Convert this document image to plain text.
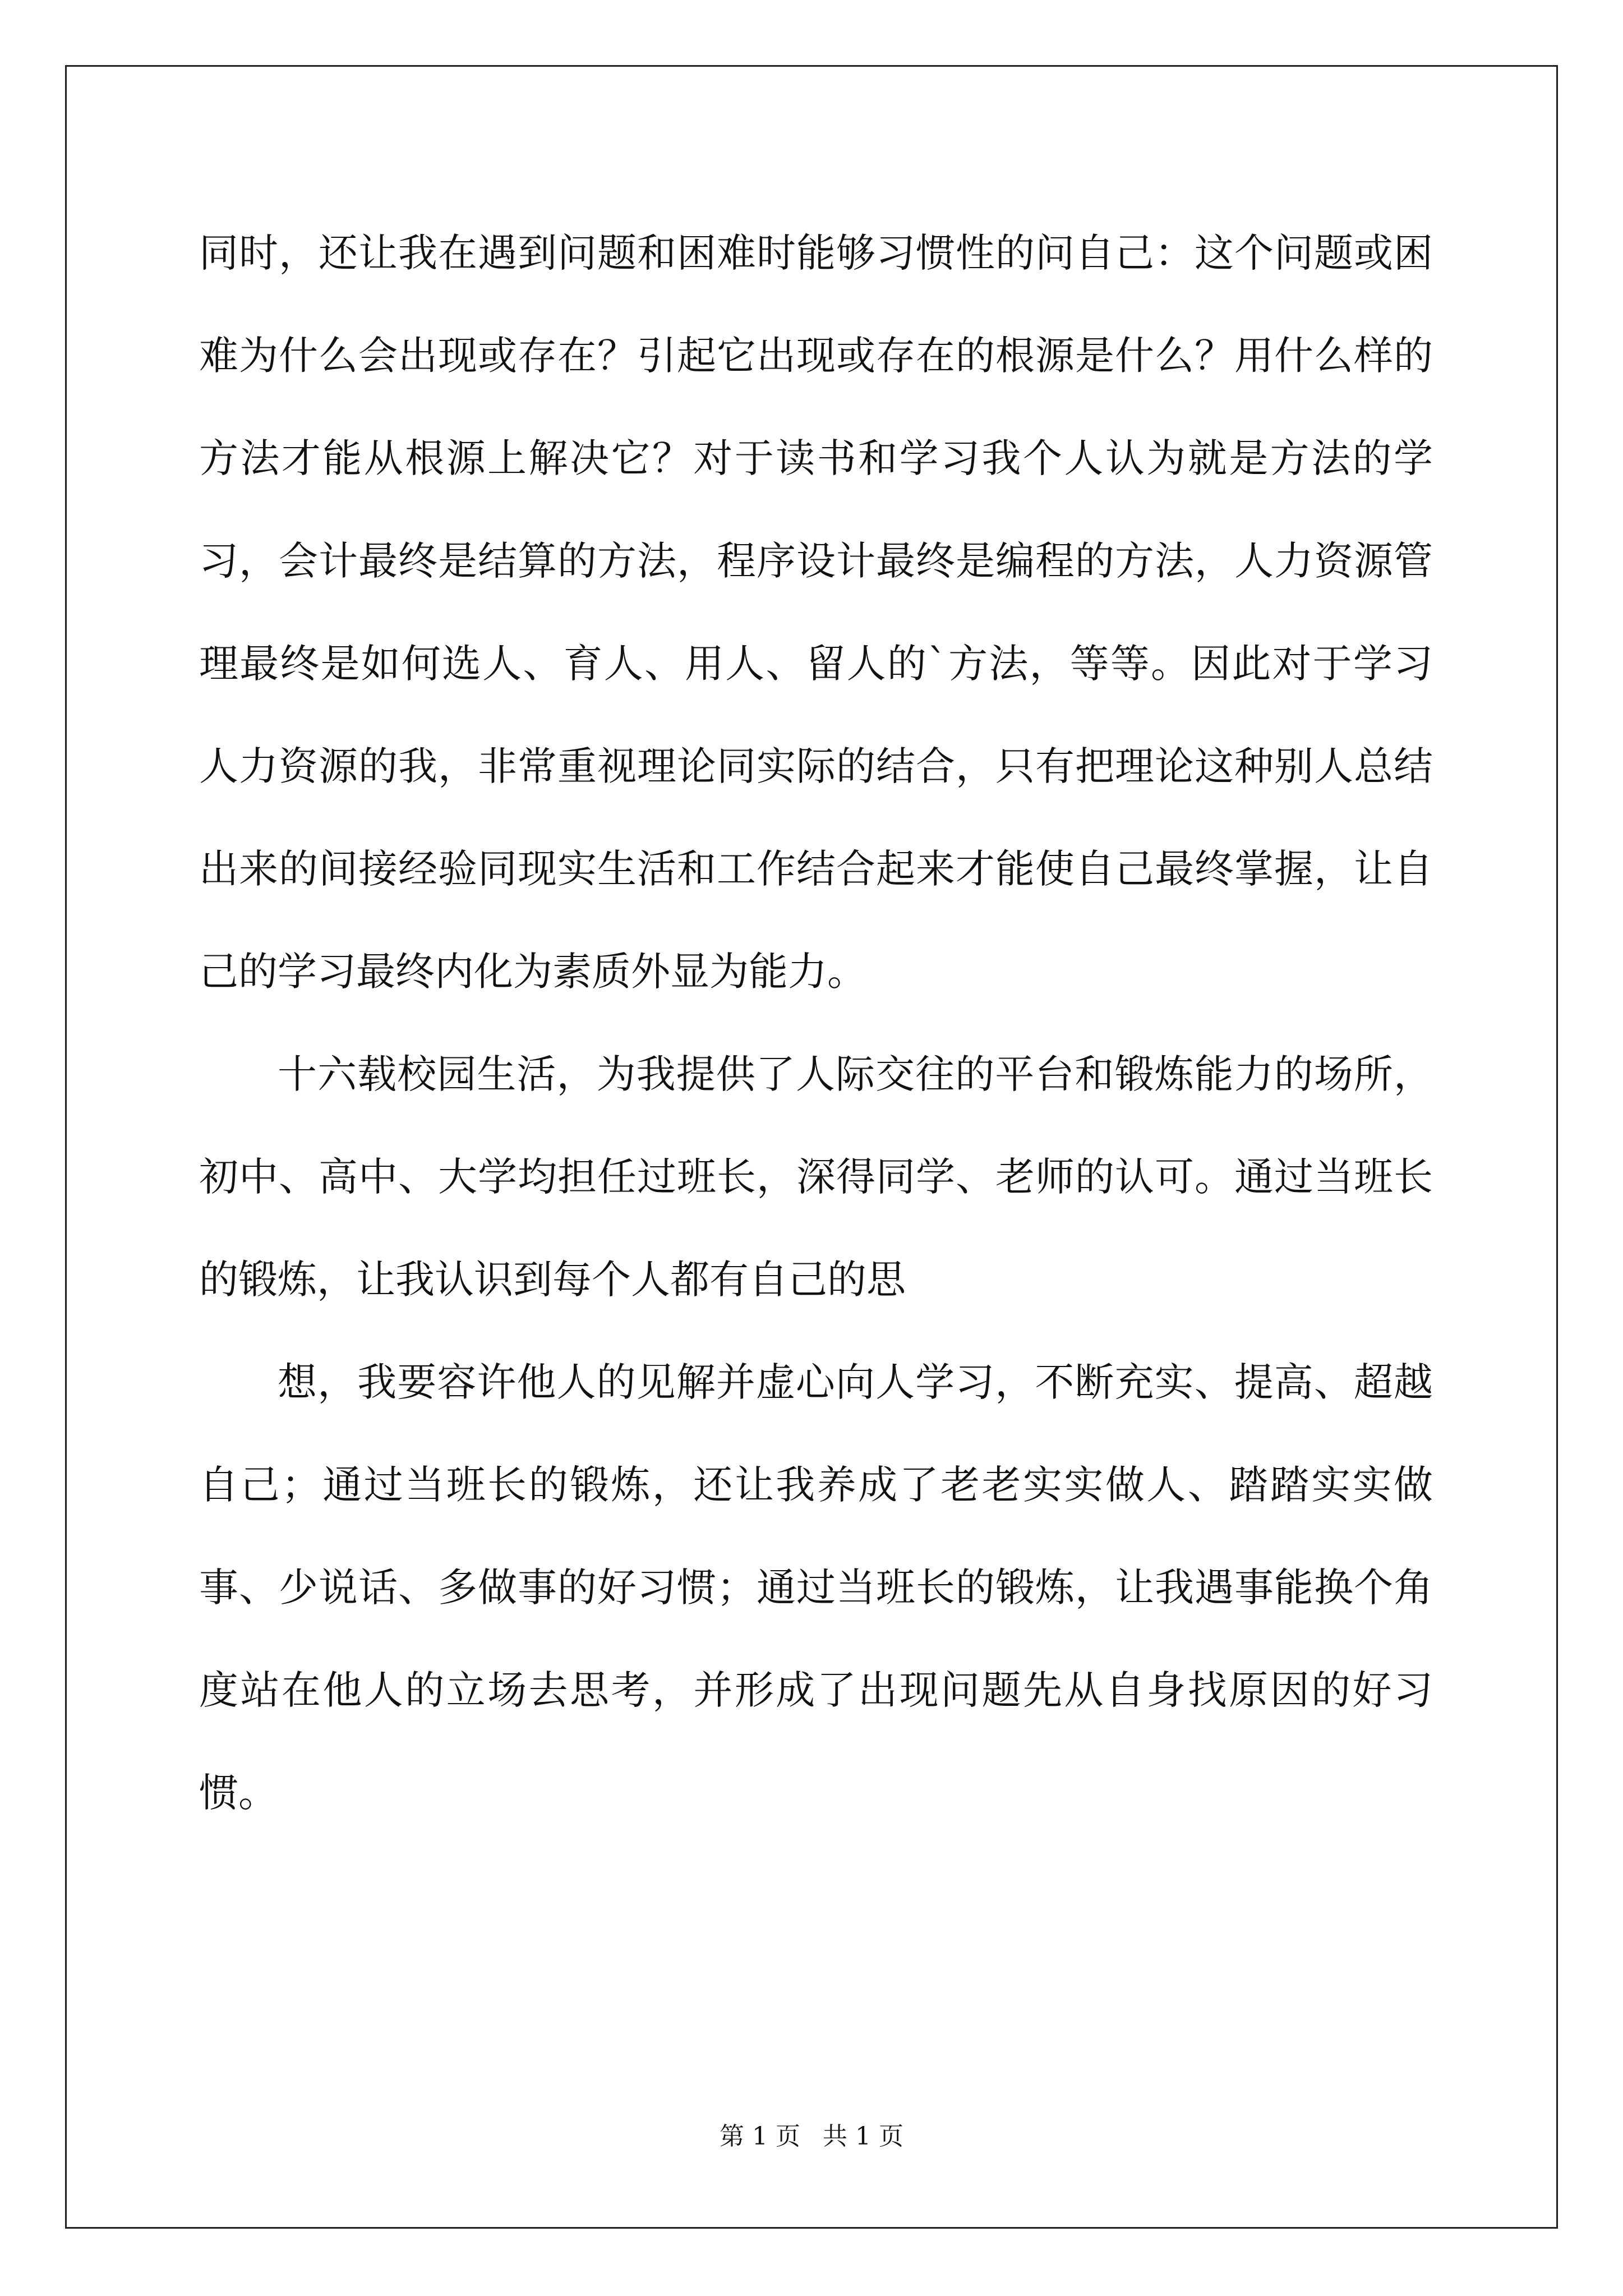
同时，还让我在遇到问题和困难时能够习惯性的问自己：这个问题或困难为什么会出现或存在？引起它出现或存在的根源是什么？用什么样的方法才能从根源上解决它？对于读书和学习我个人认为就是方法的学习，会计最终是结算的方法，程序设计最终是编程的方法，人力资源管理最终是如何选人、育人、用人、留人的`方法，等等。因此对于学习人力资源的我，非常重视理论同实际的结合，只有把理论这种别人总结出来的间接经验同现实生活和工作结合起来才能使自己最终掌握，让自己的学习最终内化为素质外显为能力。

十六载校园生活，为我提供了人际交往的平台和锻炼能力的场所，初中、高中、大学均担任过班长，深得同学、老师的认可。通过当班长的锻炼，让我认识到每个人都有自己的思

想，我要容许他人的见解并虚心向人学习，不断充实、提高、超越自己；通过当班长的锻炼，还让我养成了老老实实做人、踏踏实实做事、少说话、多做事的好习惯；通过当班长的锻炼，让我遇事能换个角度站在他人的立场去思考，并形成了出现问题先从自身找原因的好习惯。

第 1 页 共 1 页
